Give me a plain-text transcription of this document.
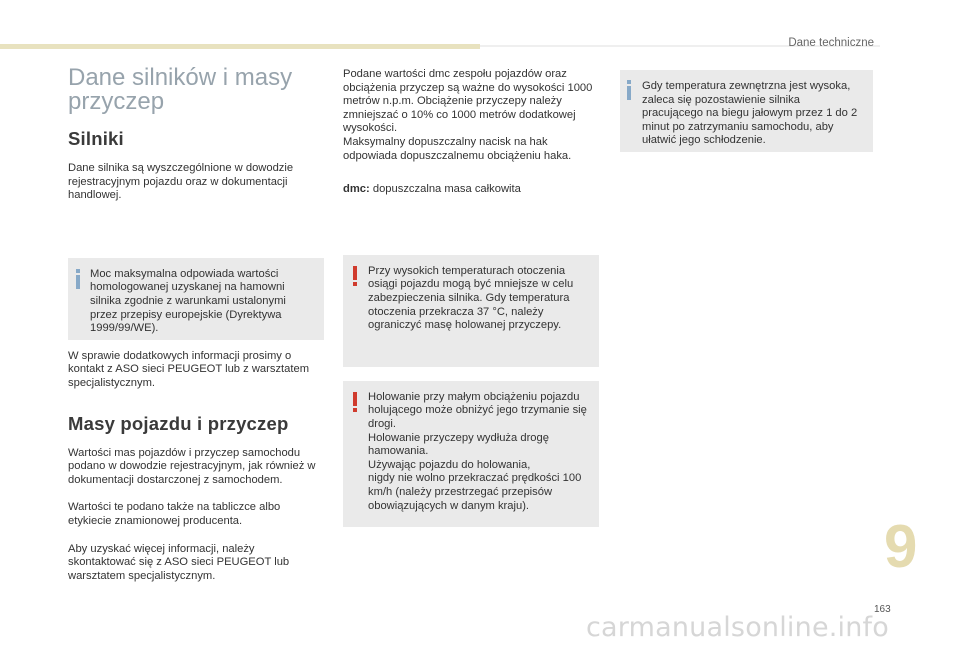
Dane techniczne
Dane silników i masy przyczep
Silniki

Dane silnika są wyszczególnione w dowodzie rejestracyjnym pojazdu oraz w dokumentacji handlowej.

Moc maksymalna odpowiada wartości homologowanej uzyskanej na hamowni silnika zgodnie z warunkami ustalonymi przez przepisy europejskie (Dyrektywa 1999/99/WE).

W sprawie dodatkowych informacji prosimy o kontakt z ASO sieci PEUGEOT lub z warsztatem specjalistycznym.

Masy pojazdu i przyczep

Wartości mas pojazdów i przyczep samochodu podano w dowodzie rejestracyjnym, jak również w dokumentacji dostarczonej z samochodem.

Wartości te podano także na tabliczce albo etykiecie znamionowej producenta.

Aby uzyskać więcej informacji, należy skontaktować się z ASO sieci PEUGEOT lub warsztatem specjalistycznym.

Podane wartości dmc zespołu pojazdów oraz obciążenia przyczep są ważne do wysokości 1000 metrów n.p.m. Obciążenie przyczepy należy zmniejszać o 10% co 1000 metrów dodatkowej wysokości.

Maksymalny dopuszczalny nacisk na hak odpowiada dopuszczalnemu obciążeniu haka.

dmc: dopuszczalna masa całkowita

Przy wysokich temperaturach otoczenia osiągi pojazdu mogą być mniejsze w celu zabezpieczenia silnika. Gdy temperatura otoczenia przekracza 37 °C, należy ograniczyć masę holowanej przyczepy.

Holowanie przy małym obciążeniu pojazdu holującego może obniżyć jego trzymanie się drogi.

Holowanie przyczepy wydłuża drogę hamowania.

Używając pojazdu do holowania,

nigdy nie wolno przekraczać prędkości 100 km/h (należy przestrzegać przepisów obowiązujących w danym kraju).

Gdy temperatura zewnętrzna jest wysoka, zaleca się pozostawienie silnika pracującego na biegu jałowym przez 1 do 2 minut po zatrzymaniu samochodu, aby ułatwić jego schłodzenie.

9
163
carmanualsonline.info
